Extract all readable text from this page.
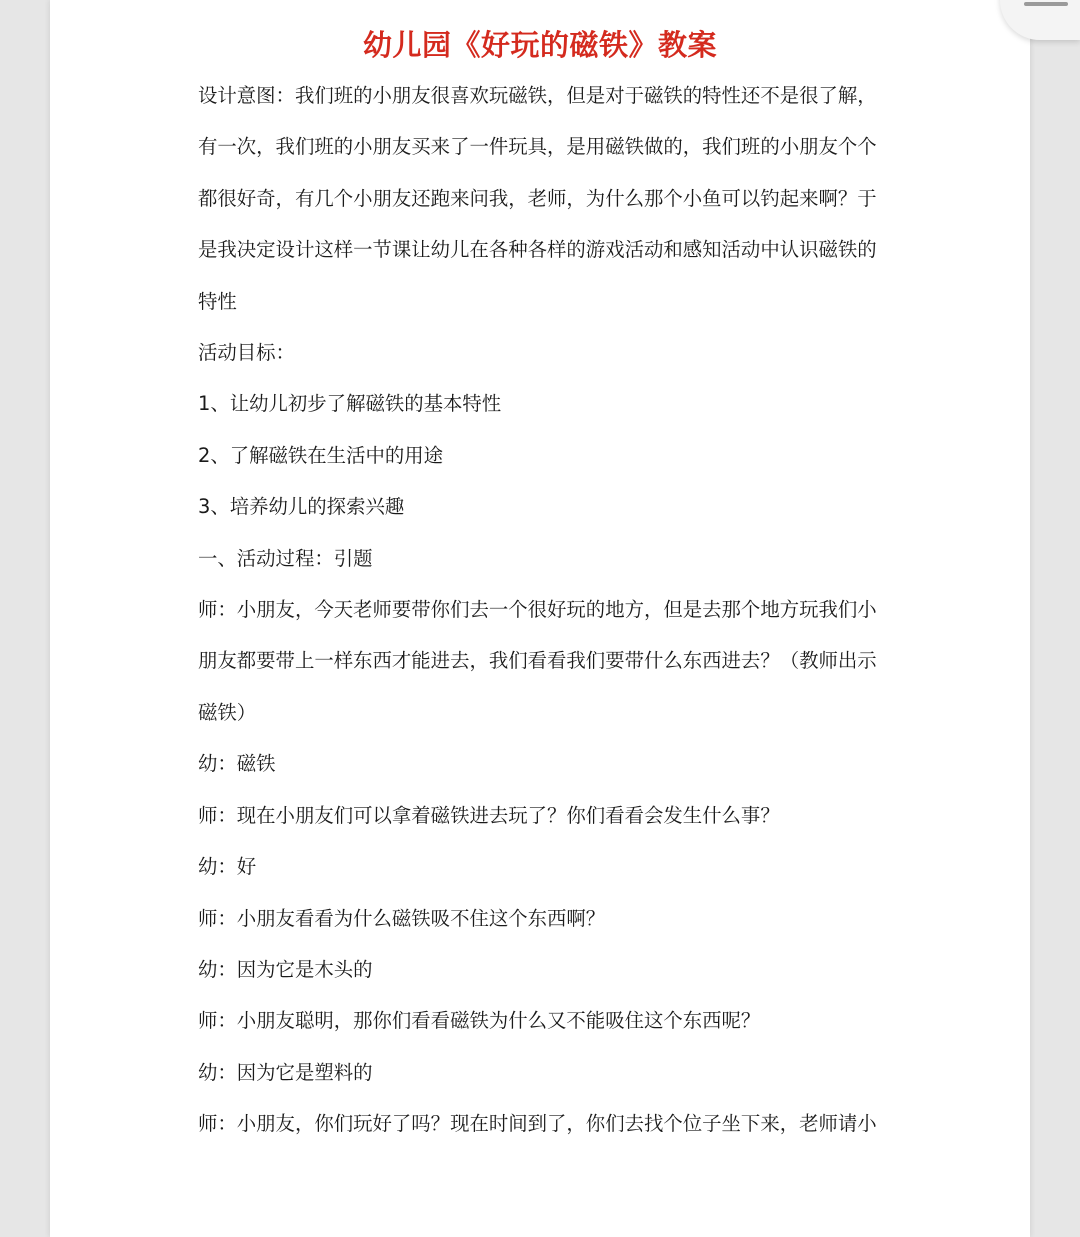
幼儿园《好玩的磁铁》教案

设计意图：我们班的小朋友很喜欢玩磁铁，但是对于磁铁的特性还不是很了解，有一次，我们班的小朋友买来了一件玩具，是用磁铁做的，我们班的小朋友个个都很好奇，有几个小朋友还跑来问我，老师，为什么那个小鱼可以钓起来啊？于是我决定设计这样一节课让幼儿在各种各样的游戏活动和感知活动中认识磁铁的特性

活动目标：

1、让幼儿初步了解磁铁的基本特性

2、了解磁铁在生活中的用途

3、培养幼儿的探索兴趣

一、活动过程：引题

师：小朋友，今天老师要带你们去一个很好玩的地方，但是去那个地方玩我们小朋友都要带上一样东西才能进去，我们看看我们要带什么东西进去？（教师出示磁铁）

幼：磁铁

师：现在小朋友们可以拿着磁铁进去玩了？你们看看会发生什么事？

幼：好

师：小朋友看看为什么磁铁吸不住这个东西啊？

幼：因为它是木头的

师：小朋友聪明，那你们看看磁铁为什么又不能吸住这个东西呢？

幼：因为它是塑料的

师：小朋友，你们玩好了吗？现在时间到了，你们去找个位子坐下来，老师请小
